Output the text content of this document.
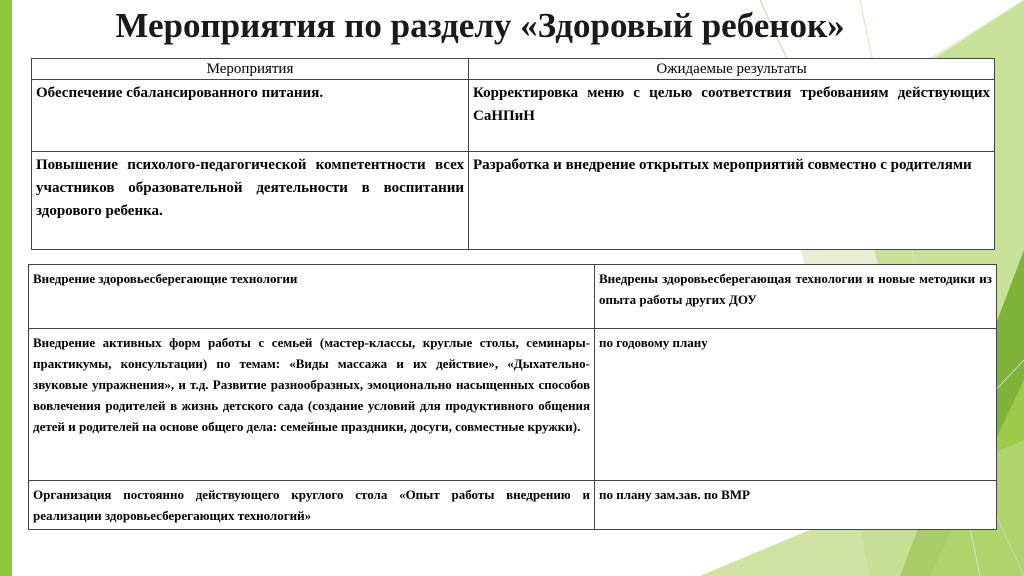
Мероприятия по разделу «Здоровый ребенок»
Мероприятия	Ожидаемые результаты
Обеспечение сбалансированного питания.	Корректировка меню с целью соответствия требованиям действующих СаНПиН
Повышение психолого-педагогической компетентности всех участников образовательной деятельности в воспитании здорового ребенка.	Разработка и внедрение открытых мероприятий совместно с родителями
Внедрение здоровьесберегающие технологии	Внедрены здоровьесберегающая технологии и новые методики из опыта работы других ДОУ
Внедрение активных форм работы с семьей (мастер-классы, круглые столы, семинары-практикумы, консультации) по темам: «Виды массажа и их действие», «Дыхательно-звуковые упражнения», и т.д. Развитие разнообразных, эмоционально насыщенных способов вовлечения родителей в жизнь детского сада (создание условий для продуктивного общения детей и родителей на основе общего дела: семейные праздники, досуги, совместные кружки).	по годовому плану
Организация постоянно действующего круглого стола «Опыт работы внедрению и реализации здоровьесберегающих технологий»	по плану зам.зав. по ВМР
